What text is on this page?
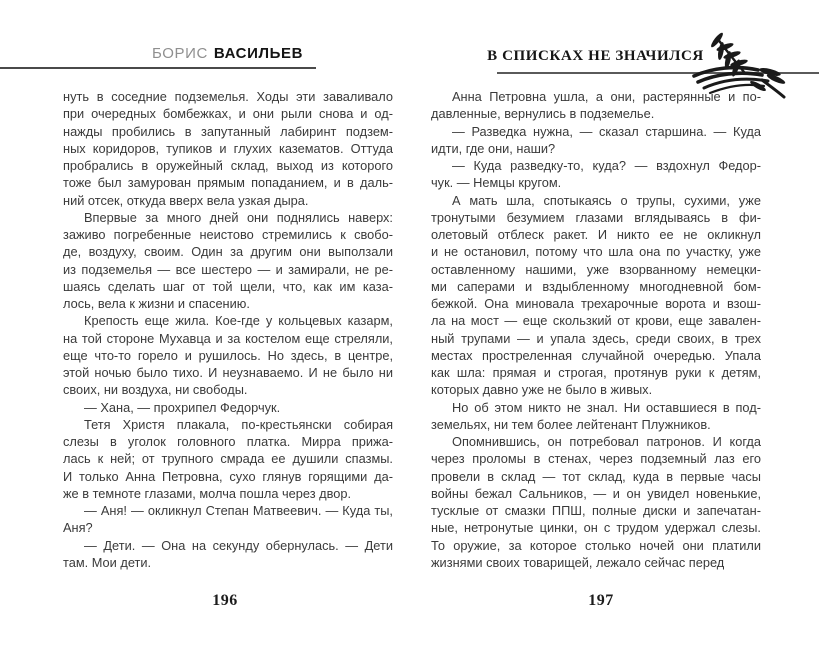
БОРИС ВАСИЛЬЕВ	В СПИСКАХ НЕ ЗНАЧИЛСЯ
нуть в соседние подземелья. Ходы эти заваливало
при очередных бомбежках, и они рыли снова и од-
нажды пробились в запутанный лабиринт подзем-
ных коридоров, тупиков и глухих казематов. Оттуда
пробрались в оружейный склад, выход из которого
тоже был замурован прямым попаданием, и в даль-
ний отсек, откуда вверх вела узкая дыра.
Впервые за много дней они поднялись наверх:
заживо погребенные неистово стремились к свобо-
де, воздуху, своим. Один за другим они выползали
из подземелья — все шестеро — и замирали, не ре-
шаясь сделать шаг от той щели, что, как им каза-
лось, вела к жизни и спасению.
Крепость еще жила. Кое-где у кольцевых казарм,
на той стороне Мухавца и за костелом еще стреляли,
еще что-то горело и рушилось. Но здесь, в центре,
этой ночью было тихо. И неузнаваемо. И не было ни
своих, ни воздуха, ни свободы.
— Хана, — прохрипел Федорчук.
Тетя Христя плакала, по-крестьянски собирая
слезы в уголок головного платка. Мирра прижа-
лась к ней; от трупного смрада ее душили спазмы.
И только Анна Петровна, сухо глянув горящими да-
же в темноте глазами, молча пошла через двор.
— Аня! — окликнул Степан Матвеевич. — Куда ты,
Аня?
— Дети. — Она на секунду обернулась. — Дети
там. Мои дети.
Анна Петровна ушла, а они, растерянные и по-
давленные, вернулись в подземелье.
— Разведка нужна, — сказал старшина. — Куда
идти, где они, наши?
— Куда разведку-то, куда? — вздохнул Федор-
чук. — Немцы кругом.
А мать шла, спотыкаясь о трупы, сухими, уже
тронутыми безумием глазами вглядываясь в фи-
олетовый отблеск ракет. И никто ее не окликнул
и не остановил, потому что шла она по участку, уже
оставленному нашими, уже взорванному немецки-
ми саперами и вздыбленному многодневной бом-
бежкой. Она миновала трехарочные ворота и взош-
ла на мост — еще скользкий от крови, еще завален-
ный трупами — и упала здесь, среди своих, в трех
местах простреленная случайной очередью. Упала
как шла: прямая и строгая, протянув руки к детям,
которых давно уже не было в живых.
Но об этом никто не знал. Ни оставшиеся в под-
земельях, ни тем более лейтенант Плужников.
Опомнившись, он потребовал патронов. И когда
через проломы в стенах, через подземный лаз его
провели в склад — тот склад, куда в первые часы
войны бежал Сальников, — и он увидел новенькие,
тусклые от смазки ППШ, полные диски и запечатан-
ные, нетронутые цинки, он с трудом удержал слезы.
То оружие, за которое столько ночей они платили
жизнями своих товарищей, лежало сейчас перед
196	197
